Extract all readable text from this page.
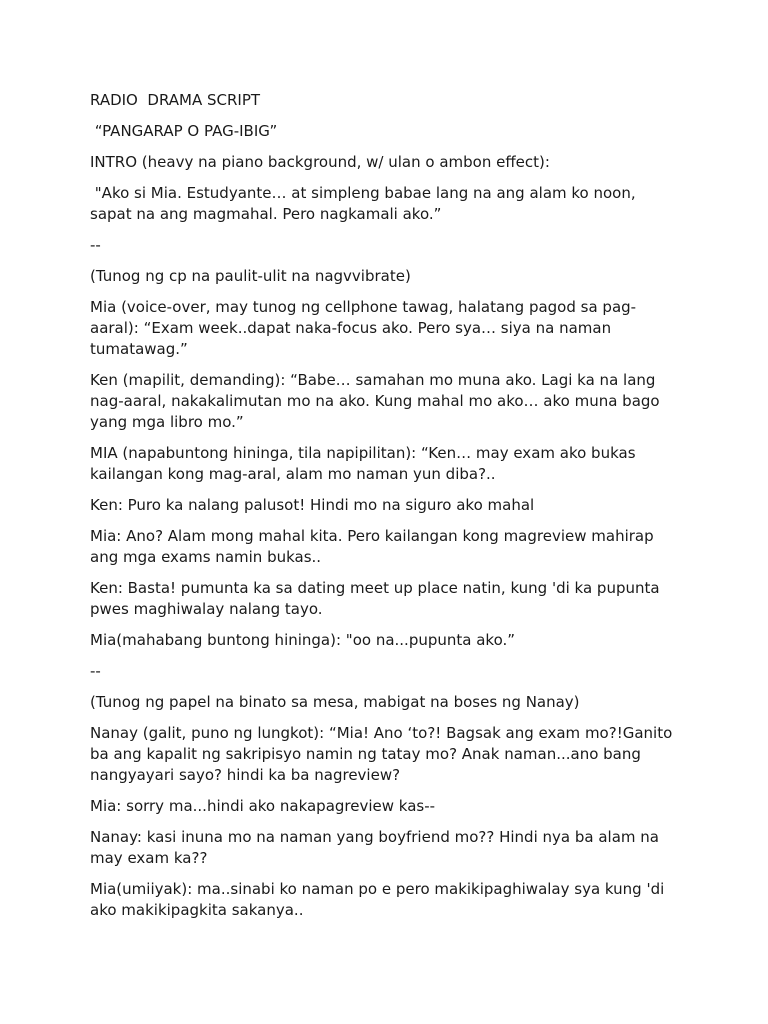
RADIO  DRAMA SCRIPT

“PANGARAP O PAG-IBIG”

INTRO (heavy na piano background, w/ ulan o ambon effect):

"Ako si Mia. Estudyante… at simpleng babae lang na ang alam ko noon, sapat na ang magmahal. Pero nagkamali ako.”

--

(Tunog ng cp na paulit-ulit na nagvvibrate)

Mia (voice-over, may tunog ng cellphone tawag, halatang pagod sa pag-aaral): “Exam week..dapat naka-focus ako. Pero sya… siya na naman tumatawag.”

Ken (mapilit, demanding): “Babe… samahan mo muna ako. Lagi ka na lang nag-aaral, nakakalimutan mo na ako. Kung mahal mo ako… ako muna bago yang mga libro mo.”

MIA (napabuntong hininga, tila napipilitan): “Ken… may exam ako bukas kailangan kong mag-aral, alam mo naman yun diba?..

Ken: Puro ka nalang palusot! Hindi mo na siguro ako mahal

Mia: Ano? Alam mong mahal kita. Pero kailangan kong magreview mahirap ang mga exams namin bukas..

Ken: Basta! pumunta ka sa dating meet up place natin, kung 'di ka pupunta pwes maghiwalay nalang tayo.

Mia(mahabang buntong hininga): "oo na...pupunta ako.”

--

(Tunog ng papel na binato sa mesa, mabigat na boses ng Nanay)

Nanay (galit, puno ng lungkot): “Mia! Ano ‘to?! Bagsak ang exam mo?!Ganito ba ang kapalit ng sakripisyo namin ng tatay mo? Anak naman...ano bang nangyayari sayo? hindi ka ba nagreview?

Mia: sorry ma...hindi ako nakapagreview kas--

Nanay: kasi inuna mo na naman yang boyfriend mo?? Hindi nya ba alam na may exam ka??

Mia(umiiyak): ma..sinabi ko naman po e pero makikipaghiwalay sya kung 'di ako makikipagkita sakanya..
